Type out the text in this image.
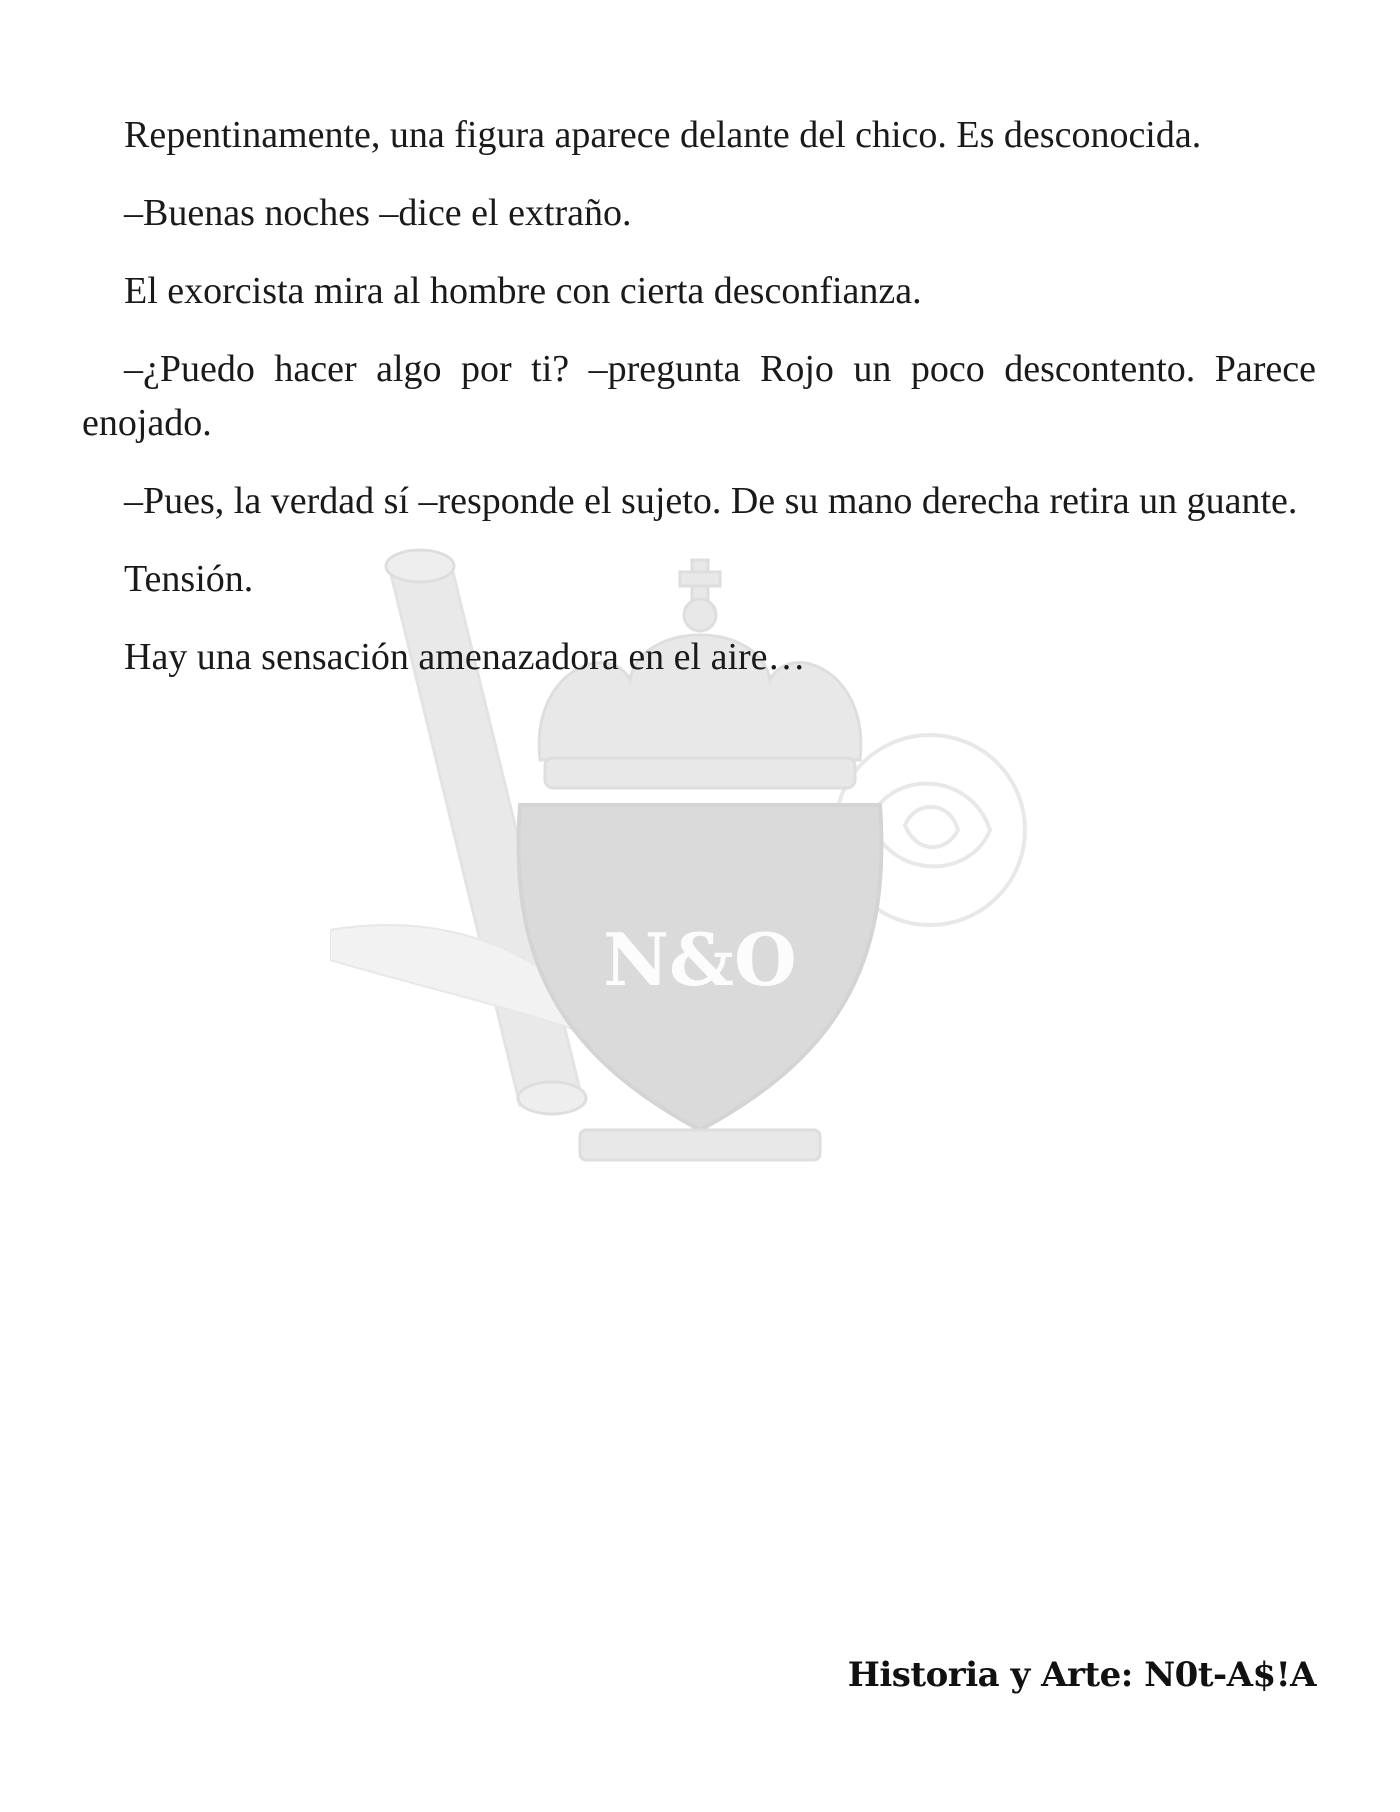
N&O

Repentinamente, una figura aparece delante del chico. Es desconocida.

–Buenas noches –dice el extraño.

El exorcista mira al hombre con cierta desconfianza.

–¿Puedo hacer algo por ti? –pregunta Rojo un poco descontento. Parece enojado.

–Pues, la verdad sí –responde el sujeto. De su mano derecha retira un guante.

Tensión.

Hay una sensación amenazadora en el aire…

Historia y Arte: N0t-A$!A
